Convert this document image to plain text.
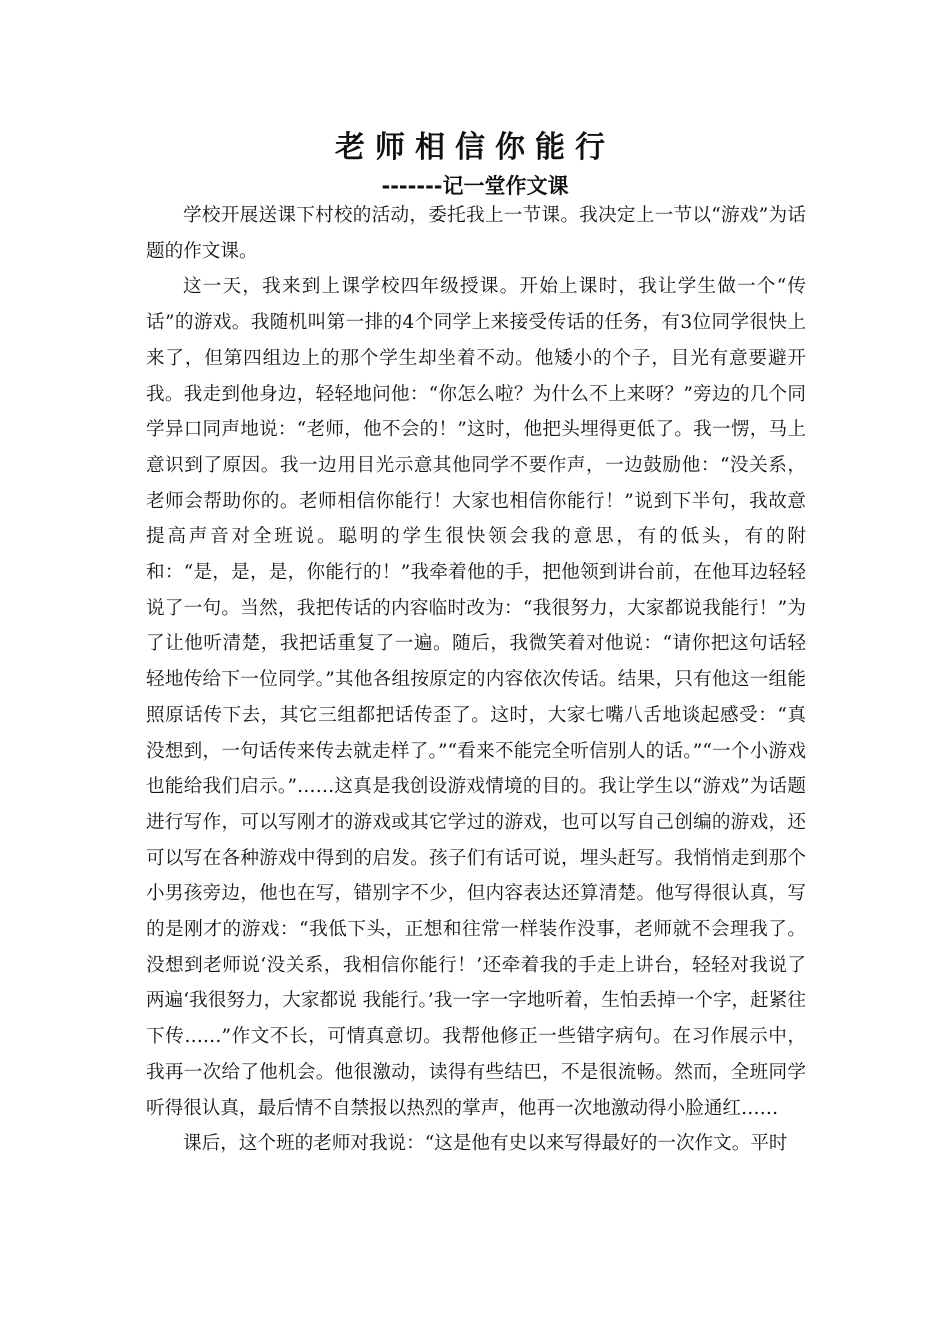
老师相信你能行
-------记一堂作文课

学校开展送课下村校的活动，委托我上一节课。我决定上一节以“游戏”为话题的作文课。

这一天，我来到上课学校四年级授课。开始上课时，我让学生做一个“传话”的游戏。我随机叫第一排的4个同学上来接受传话的任务，有3位同学很快上来了，但第四组边上的那个学生却坐着不动。他矮小的个子，目光有意要避开我。我走到他身边，轻轻地问他：“你怎么啦？为什么不上来呀？”旁边的几个同学异口同声地说：“老师，他不会的！”这时，他把头埋得更低了。我一愣，马上意识到了原因。我一边用目光示意其他同学不要作声，一边鼓励他：“没关系，老师会帮助你的。老师相信你能行！大家也相信你能行！”说到下半句，我故意提高声音对全班说。聪明的学生很快领会我的意思，有的低头，有的附和：“是，是，是，你能行的！”我牵着他的手，把他领到讲台前，在他耳边轻轻说了一句。当然，我把传话的内容临时改为：“我很努力，大家都说我能行！”为了让他听清楚，我把话重复了一遍。随后，我微笑着对他说：“请你把这句话轻轻地传给下一位同学。”其他各组按原定的内容依次传话。结果，只有他这一组能照原话传下去，其它三组都把话传歪了。这时，大家七嘴八舌地谈起感受：“真没想到，一句话传来传去就走样了。”“看来不能完全听信别人的话。”“一个小游戏也能给我们启示。”……这真是我创设游戏情境的目的。我让学生以“游戏”为话题进行写作，可以写刚才的游戏或其它学过的游戏，也可以写自己创编的游戏，还可以写在各种游戏中得到的启发。孩子们有话可说，埋头赶写。我悄悄走到那个小男孩旁边，他也在写，错别字不少，但内容表达还算清楚。他写得很认真，写的是刚才的游戏：“我低下头，正想和往常一样装作没事，老师就不会理我了。没想到老师说‘没关系，我相信你能行！’还牵着我的手走上讲台，轻轻对我说了两遍‘我很努力，大家都说 我能行。’我一字一字地听着，生怕丢掉一个字，赶紧往下传……”作文不长，可情真意切。我帮他修正一些错字病句。在习作展示中，我再一次给了他机会。他很激动，读得有些结巴，不是很流畅。然而，全班同学听得很认真，最后情不自禁报以热烈的掌声，他再一次地激动得小脸通红……

课后，这个班的老师对我说：“这是他有史以来写得最好的一次作文。平时
